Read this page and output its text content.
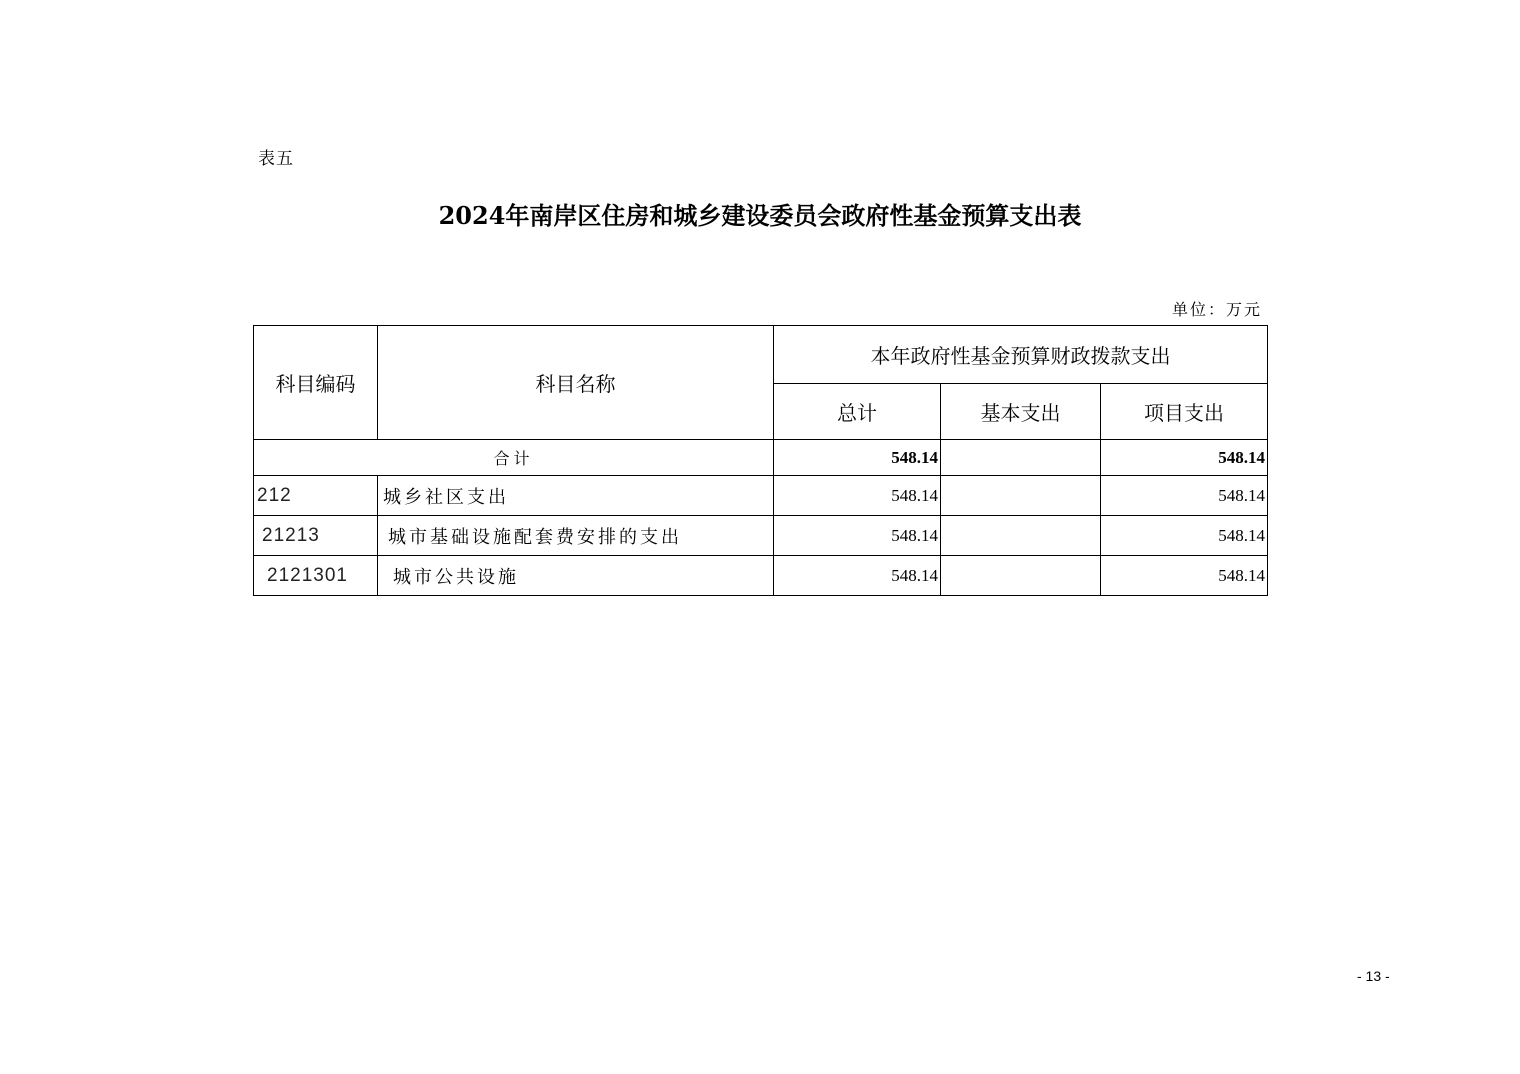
表五
2024年南岸区住房和城乡建设委员会政府性基金预算支出表
单位：万元
科目编码	科目名称	本年政府性基金预算财政拨款支出		
		总计	基本支出	项目支出
合计		548.14		548.14
212	城乡社区支出	548.14		548.14
21213	城市基础设施配套费安排的支出	548.14		548.14
2121301	城市公共设施	548.14		548.14
- 13 -
